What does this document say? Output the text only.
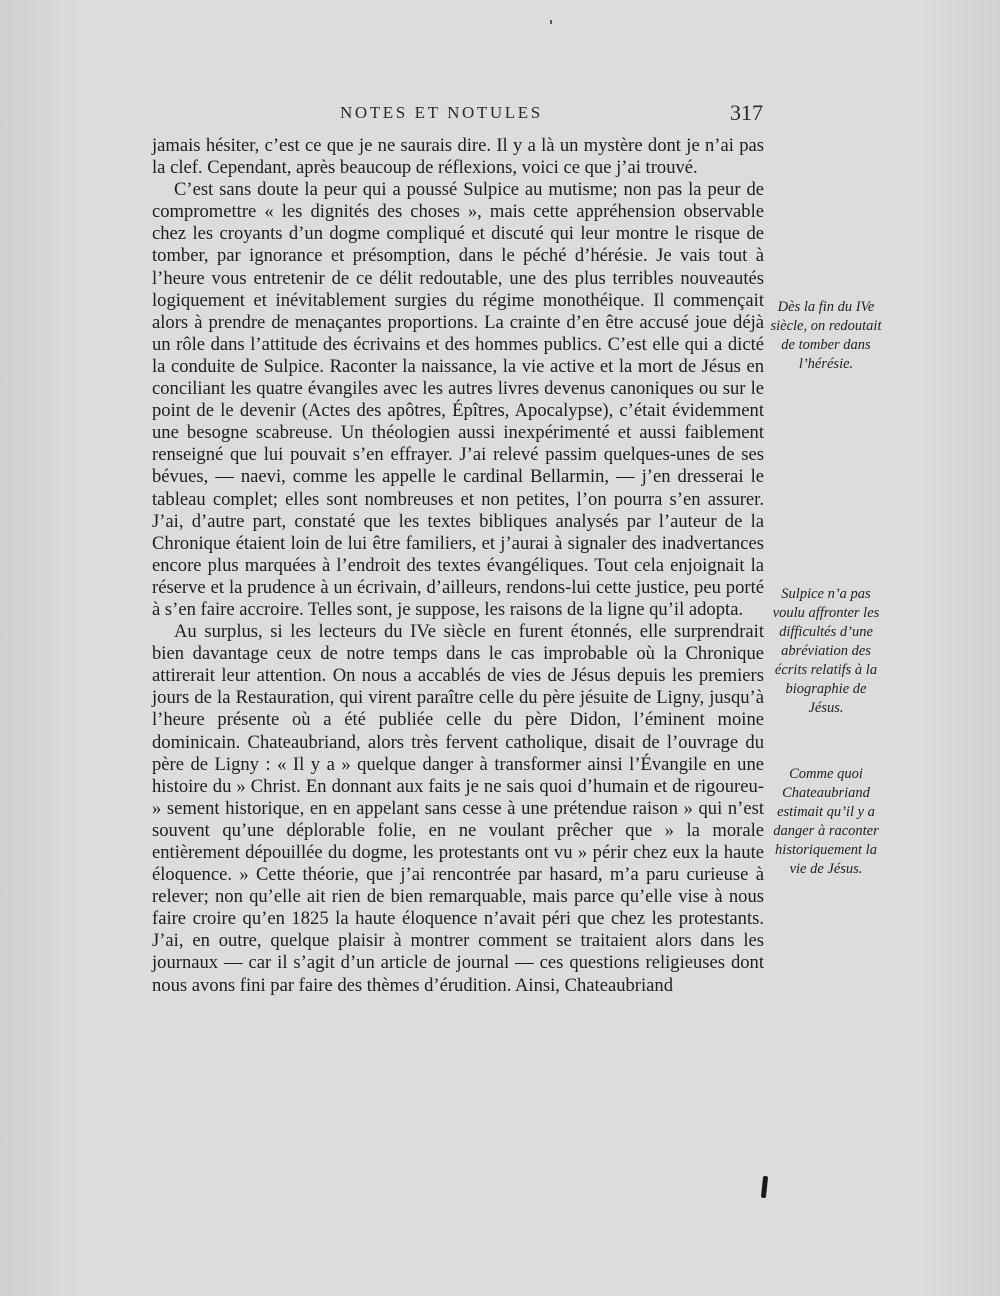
NOTES ET NOTULES	317

jamais hésiter, c’est ce que je ne saurais dire. Il y a là un mystère dont je n’ai pas la clef. Cependant, après beaucoup de réflexions, voici ce que j’ai trouvé.

C’est sans doute la peur qui a poussé Sulpice au mutisme; non pas la peur de compromettre « les dignités des choses », mais cette appréhension observable chez les croyants d’un dogme compliqué et discuté qui leur montre le risque de tomber, par ignorance et présomption, dans le péché d’hérésie. Je vais tout à l’heure vous entretenir de ce délit redoutable, une des plus terribles nouveautés logiquement et inévitablement surgies du régime monothéique. Il commençait alors à prendre de menaçantes proportions. La crainte d’en être accusé joue déjà un rôle dans l’attitude des écrivains et des hommes publics. C’est elle qui a dicté la conduite de Sulpice. Raconter la naissance, la vie active et la mort de Jésus en conciliant les quatre évangiles avec les autres livres devenus canoniques ou sur le point de le devenir (Actes des apôtres, Épîtres, Apocalypse), c’était évidemment une besogne scabreuse. Un théologien aussi inexpérimenté et aussi faiblement renseigné que lui pouvait s’en effrayer. J’ai relevé passim quelques-unes de ses bévues, — naevi, comme les appelle le cardinal Bellarmin, — j’en dresserai le tableau complet; elles sont nombreuses et non petites, l’on pourra s’en assurer. J’ai, d’autre part, constaté que les textes bibliques analysés par l’auteur de la Chronique étaient loin de lui être familiers, et j’aurai à signaler des inadvertances encore plus marquées à l’endroit des textes évangéliques. Tout cela enjoignait la réserve et la prudence à un écrivain, d’ailleurs, rendons-lui cette justice, peu porté à s’en faire accroire. Telles sont, je suppose, les raisons de la ligne qu’il adopta.

Au surplus, si les lecteurs du IVe siècle en furent étonnés, elle surprendrait bien davantage ceux de notre temps dans le cas improbable où la Chronique attirerait leur attention. On nous a accablés de vies de Jésus depuis les premiers jours de la Restauration, qui virent paraître celle du père jésuite de Ligny, jusqu’à l’heure présente où a été publiée celle du père Didon, l’éminent moine dominicain. Chateaubriand, alors très fervent catholique, disait de l’ouvrage du père de Ligny : « Il y a » quelque danger à transformer ainsi l’Évangile en une histoire du » Christ. En donnant aux faits je ne sais quoi d’humain et de rigoureu- » sement historique, en en appelant sans cesse à une prétendue raison » qui n’est souvent qu’une déplorable folie, en ne voulant prêcher que » la morale entièrement dépouillée du dogme, les protestants ont vu » périr chez eux la haute éloquence. » Cette théorie, que j’ai rencontrée par hasard, m’a paru curieuse à relever; non qu’elle ait rien de bien remarquable, mais parce qu’elle vise à nous faire croire qu’en 1825 la haute éloquence n’avait péri que chez les protestants. J’ai, en outre, quelque plaisir à montrer comment se traitaient alors dans les journaux — car il s’agit d’un article de journal — ces questions religieuses dont nous avons fini par faire des thèmes d’érudition. Ainsi, Chateaubriand

Dès la fin du IVe siècle, on redoutait de tomber dans l’hérésie.
Sulpice n’a pas voulu affronter les difficultés d’une abréviation des écrits relatifs à la biographie de Jésus.
Comme quoi Chateaubriand estimait qu’il y a danger à raconter historiquement la vie de Jésus.
